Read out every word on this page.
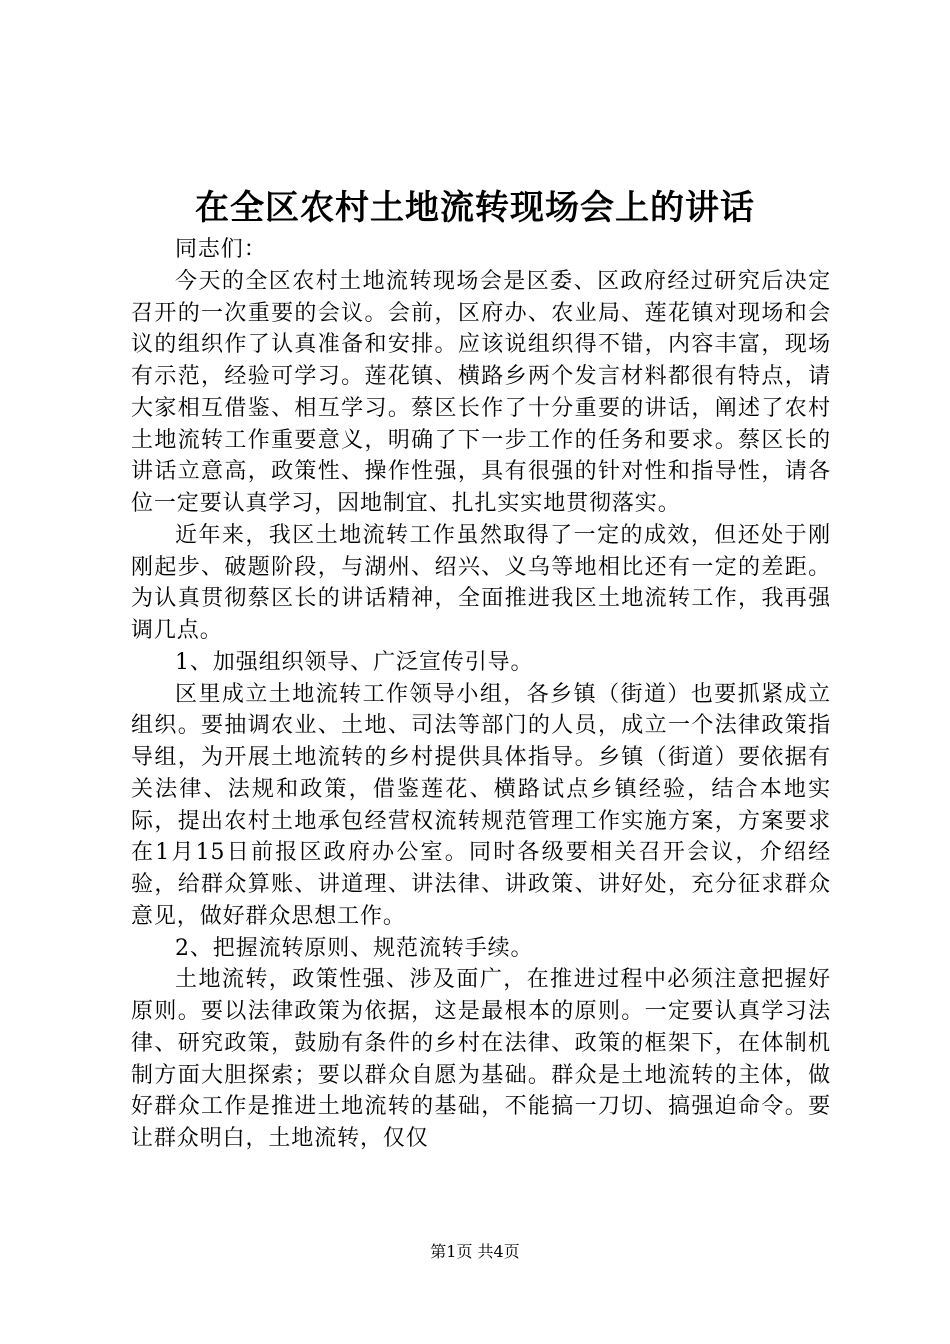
在全区农村土地流转现场会上的讲话

同志们：

今天的全区农村土地流转现场会是区委、区政府经过研究后决定召开的一次重要的会议。会前，区府办、农业局、莲花镇对现场和会议的组织作了认真准备和安排。应该说组织得不错，内容丰富，现场有示范，经验可学习。莲花镇、横路乡两个发言材料都很有特点，请大家相互借鉴、相互学习。蔡区长作了十分重要的讲话，阐述了农村土地流转工作重要意义，明确了下一步工作的任务和要求。蔡区长的讲话立意高，政策性、操作性强，具有很强的针对性和指导性，请各位一定要认真学习，因地制宜、扎扎实实地贯彻落实。

近年来，我区土地流转工作虽然取得了一定的成效，但还处于刚刚起步、破题阶段，与湖州、绍兴、义乌等地相比还有一定的差距。为认真贯彻蔡区长的讲话精神，全面推进我区土地流转工作，我再强调几点。

1、加强组织领导、广泛宣传引导。

区里成立土地流转工作领导小组，各乡镇（街道）也要抓紧成立组织。要抽调农业、土地、司法等部门的人员，成立一个法律政策指导组，为开展土地流转的乡村提供具体指导。乡镇（街道）要依据有关法律、法规和政策，借鉴莲花、横路试点乡镇经验，结合本地实际，提出农村土地承包经营权流转规范管理工作实施方案，方案要求在1月15日前报区政府办公室。同时各级要相关召开会议，介绍经验，给群众算账、讲道理、讲法律、讲政策、讲好处，充分征求群众意见，做好群众思想工作。

2、把握流转原则、规范流转手续。

土地流转，政策性强、涉及面广，在推进过程中必须注意把握好原则。要以法律政策为依据，这是最根本的原则。一定要认真学习法律、研究政策，鼓励有条件的乡村在法律、政策的框架下，在体制机制方面大胆探索；要以群众自愿为基础。群众是土地流转的主体，做好群众工作是推进土地流转的基础，不能搞一刀切、搞强迫命令。要让群众明白，土地流转，仅仅

第1页 共4页
